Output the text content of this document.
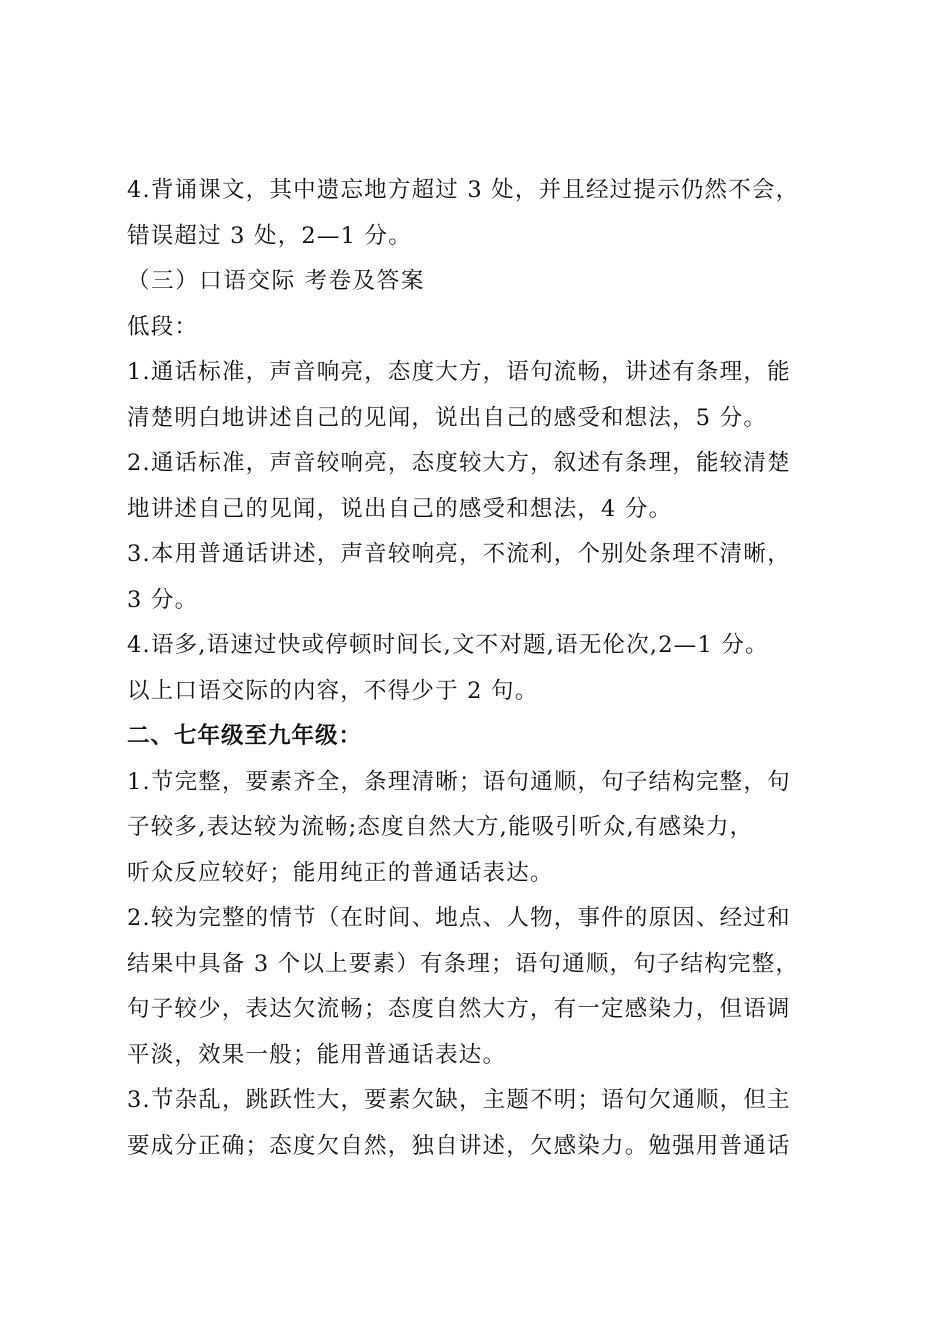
4.背诵课文，其中遗忘地方超过 3 处，并且经过提示仍然不会，
错误超过 3 处，2—1 分。
（三）口语交际 考卷及答案
低段：
1.通话标准，声音响亮，态度大方，语句流畅，讲述有条理，能
清楚明白地讲述自己的见闻，说出自己的感受和想法，5 分。
2.通话标准，声音较响亮，态度较大方，叙述有条理，能较清楚
地讲述自己的见闻，说出自己的感受和想法，4 分。
3.本用普通话讲述，声音较响亮，不流利，个别处条理不清晰，
3 分。
4.语多,语速过快或停顿时间长,文不对题,语无伦次,2—1 分。
以上口语交际的内容，不得少于 2 句。
二、七年级至九年级：
1.节完整，要素齐全，条理清晰；语句通顺，句子结构完整，句
子较多,表达较为流畅;态度自然大方,能吸引听众,有感染力，
听众反应较好；能用纯正的普通话表达。
2.较为完整的情节（在时间、地点、人物，事件的原因、经过和
结果中具备 3 个以上要素）有条理；语句通顺，句子结构完整，
句子较少，表达欠流畅；态度自然大方，有一定感染力，但语调
平淡，效果一般；能用普通话表达。
3.节杂乱，跳跃性大，要素欠缺，主题不明；语句欠通顺，但主
要成分正确；态度欠自然，独自讲述，欠感染力。勉强用普通话
